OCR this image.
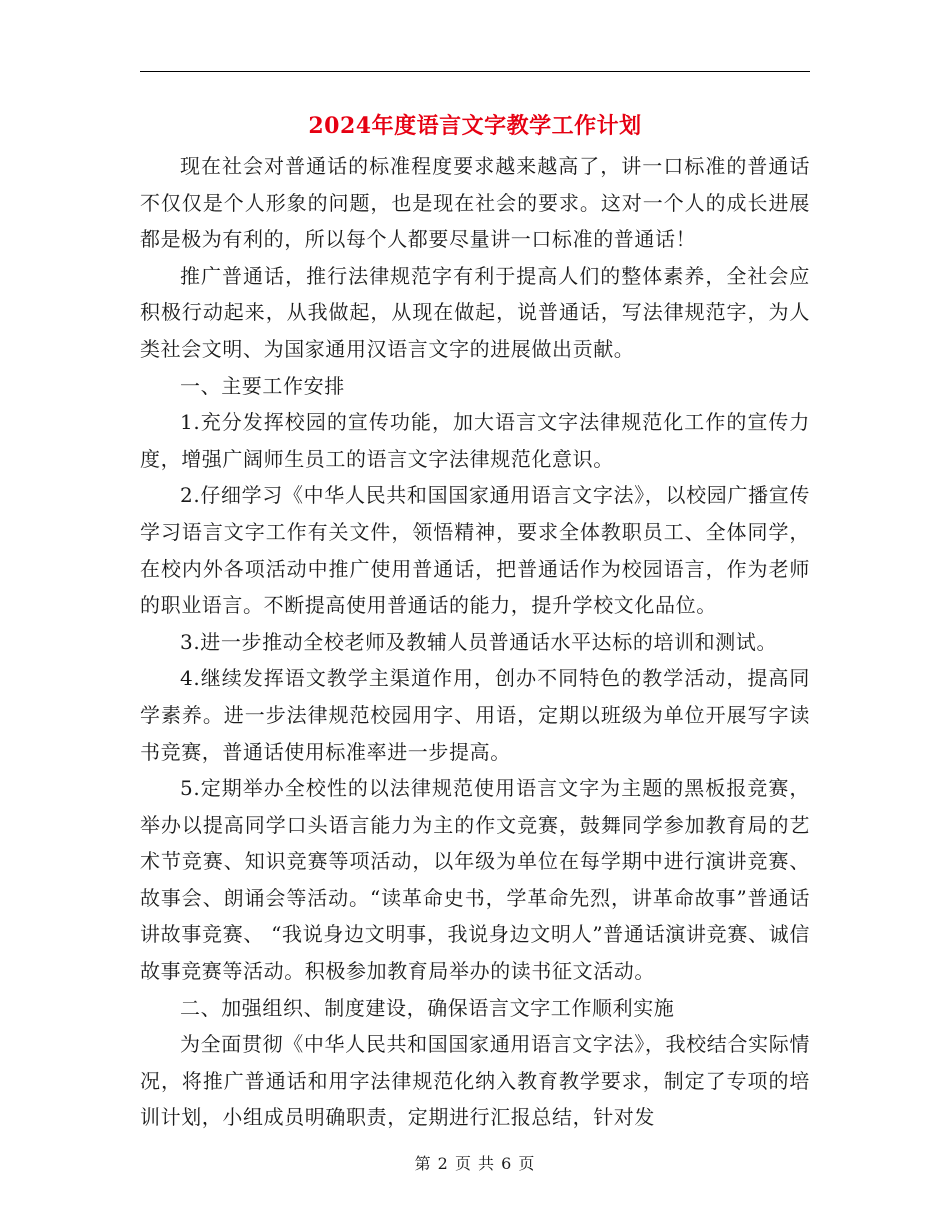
2024年度语言文字教学工作计划

现在社会对普通话的标准程度要求越来越高了，讲一口标准的普通话不仅仅是个人形象的问题，也是现在社会的要求。这对一个人的成长进展都是极为有利的，所以每个人都要尽量讲一口标准的普通话！

推广普通话，推行法律规范字有利于提高人们的整体素养，全社会应积极行动起来，从我做起，从现在做起，说普通话，写法律规范字，为人类社会文明、为国家通用汉语言文字的进展做出贡献。

一、主要工作安排

1.充分发挥校园的宣传功能，加大语言文字法律规范化工作的宣传力度，增强广阔师生员工的语言文字法律规范化意识。

2.仔细学习《中华人民共和国国家通用语言文字法》，以校园广播宣传学习语言文字工作有关文件，领悟精神，要求全体教职员工、全体同学，在校内外各项活动中推广使用普通话，把普通话作为校园语言，作为老师的职业语言。不断提高使用普通话的能力，提升学校文化品位。

3.进一步推动全校老师及教辅人员普通话水平达标的培训和测试。

4.继续发挥语文教学主渠道作用，创办不同特色的教学活动，提高同学素养。进一步法律规范校园用字、用语，定期以班级为单位开展写字读书竞赛，普通话使用标准率进一步提高。

5.定期举办全校性的以法律规范使用语言文字为主题的黑板报竞赛，举办以提高同学口头语言能力为主的作文竞赛，鼓舞同学参加教育局的艺术节竞赛、知识竞赛等项活动，以年级为单位在每学期中进行演讲竞赛、故事会、朗诵会等活动。“读革命史书，学革命先烈，讲革命故事”普通话讲故事竞赛、 “我说身边文明事，我说身边文明人”普通话演讲竞赛、诚信故事竞赛等活动。积极参加教育局举办的读书征文活动。

二、加强组织、制度建设，确保语言文字工作顺利实施

为全面贯彻《中华人民共和国国家通用语言文字法》，我校结合实际情况，将推广普通话和用字法律规范化纳入教育教学要求，制定了专项的培训计划，小组成员明确职责，定期进行汇报总结，针对发

第 2 页 共 6 页
